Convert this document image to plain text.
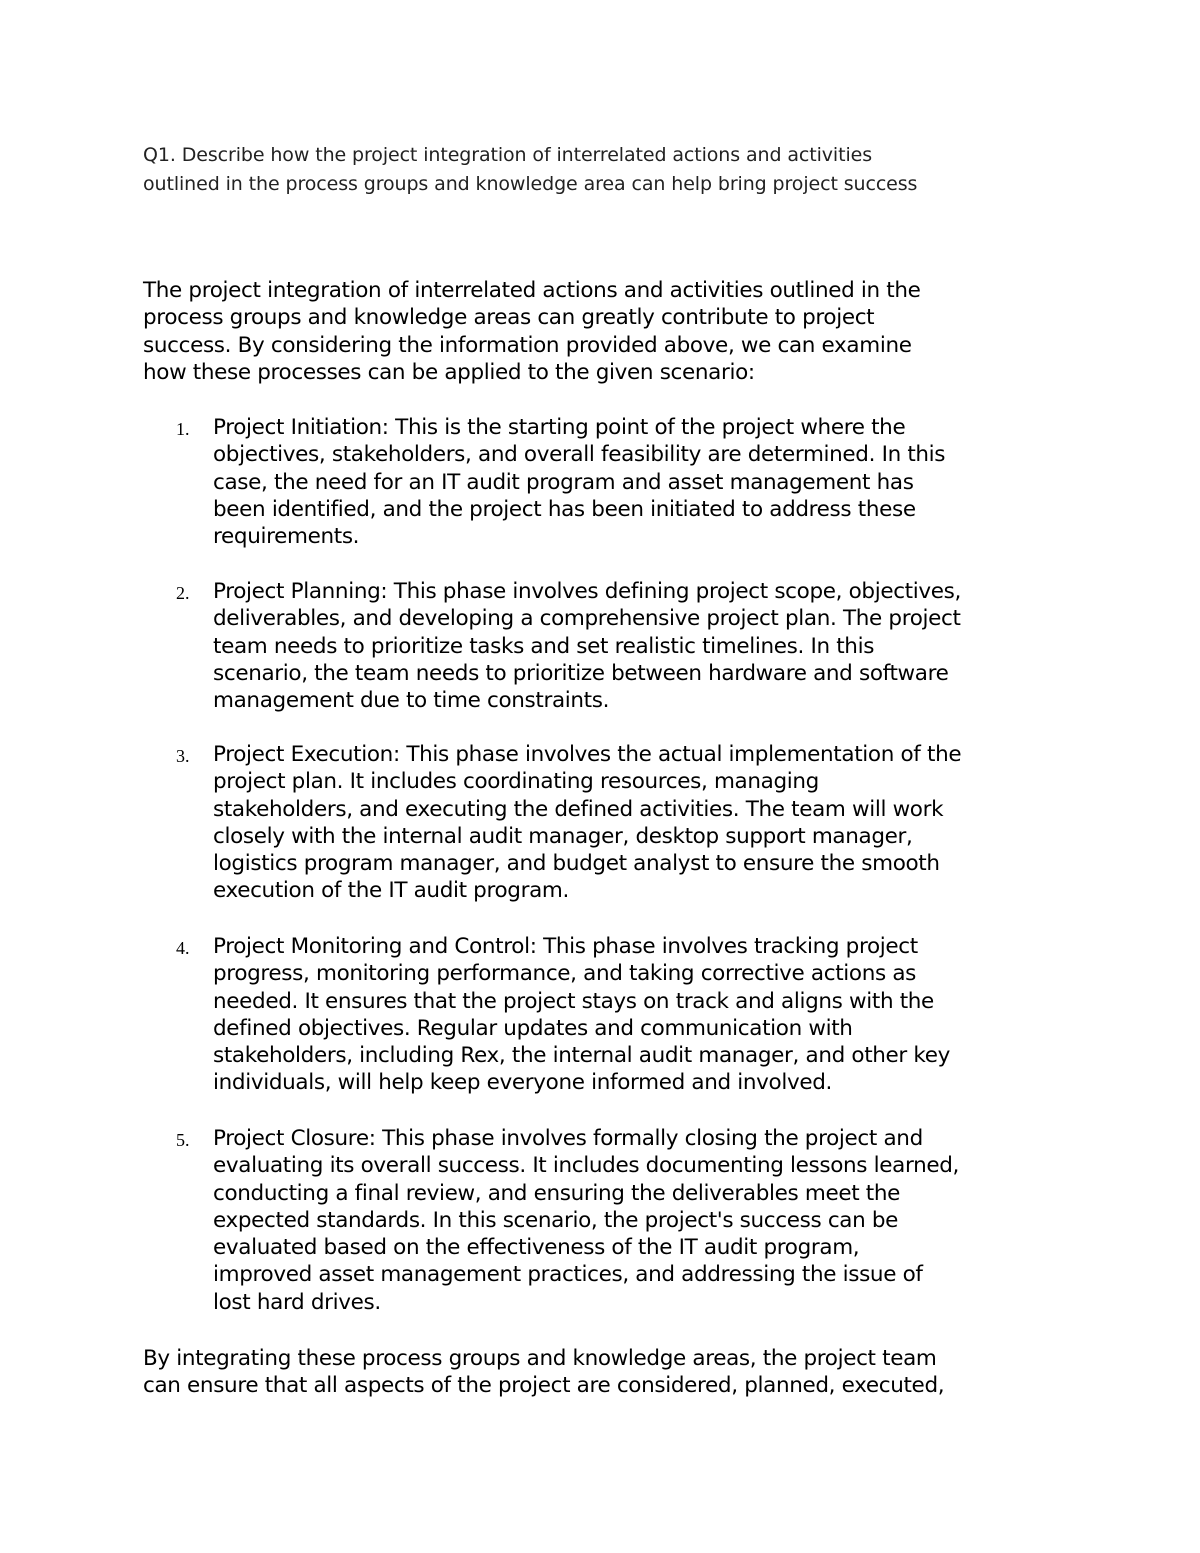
Q1. Describe how the project integration of interrelated actions and activities
outlined in the process groups and knowledge area can help bring project success

The project integration of interrelated actions and activities outlined in the
process groups and knowledge areas can greatly contribute to project
success. By considering the information provided above, we can examine
how these processes can be applied to the given scenario:

1. Project Initiation: This is the starting point of the project where the
objectives, stakeholders, and overall feasibility are determined. In this
case, the need for an IT audit program and asset management has
been identified, and the project has been initiated to address these
requirements.
2. Project Planning: This phase involves defining project scope, objectives,
deliverables, and developing a comprehensive project plan. The project
team needs to prioritize tasks and set realistic timelines. In this
scenario, the team needs to prioritize between hardware and software
management due to time constraints.
3. Project Execution: This phase involves the actual implementation of the
project plan. It includes coordinating resources, managing
stakeholders, and executing the defined activities. The team will work
closely with the internal audit manager, desktop support manager,
logistics program manager, and budget analyst to ensure the smooth
execution of the IT audit program.
4. Project Monitoring and Control: This phase involves tracking project
progress, monitoring performance, and taking corrective actions as
needed. It ensures that the project stays on track and aligns with the
defined objectives. Regular updates and communication with
stakeholders, including Rex, the internal audit manager, and other key
individuals, will help keep everyone informed and involved.
5. Project Closure: This phase involves formally closing the project and
evaluating its overall success. It includes documenting lessons learned,
conducting a final review, and ensuring the deliverables meet the
expected standards. In this scenario, the project's success can be
evaluated based on the effectiveness of the IT audit program,
improved asset management practices, and addressing the issue of
lost hard drives.

By integrating these process groups and knowledge areas, the project team
can ensure that all aspects of the project are considered, planned, executed,
